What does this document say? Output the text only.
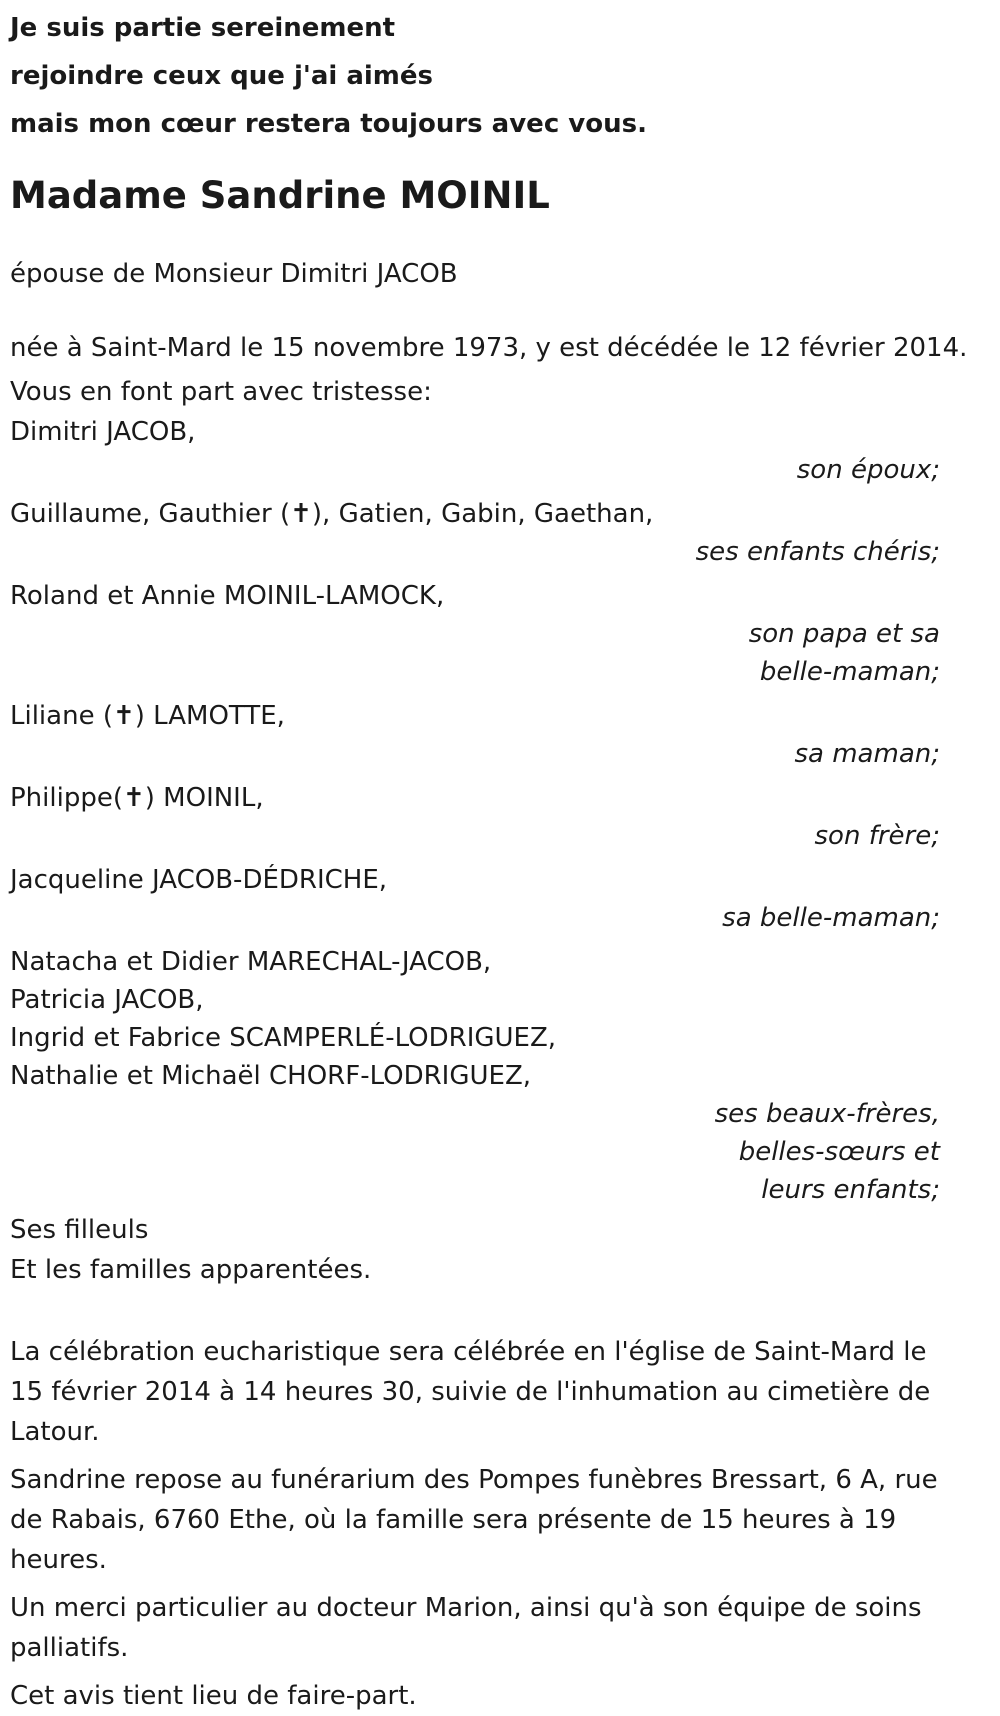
Je suis partie sereinement
rejoindre ceux que j'ai aimés
mais mon cœur restera toujours avec vous.
Madame Sandrine MOINIL
épouse de Monsieur Dimitri JACOB
née à Saint-Mard le 15 novembre 1973, y est décédée le 12 février 2014.
Vous en font part avec tristesse:
Dimitri JACOB,
son époux;
Guillaume, Gauthier (✝), Gatien, Gabin, Gaethan,
ses enfants chéris;
Roland et Annie MOINIL-LAMOCK,
son papa et sa
belle-maman;
Liliane (✝) LAMOTTE,
sa maman;
Philippe(✝) MOINIL,
son frère;
Jacqueline JACOB-DÉDRICHE,
sa belle-maman;
Natacha et Didier MARECHAL-JACOB,
Patricia JACOB,
Ingrid et Fabrice SCAMPERLÉ-LODRIGUEZ,
Nathalie et Michaël CHORF-LODRIGUEZ,
ses beaux-frères,
belles-sœurs et
leurs enfants;
Ses filleuls
Et les familles apparentées.
La célébration eucharistique sera célébrée en l'église de Saint-Mard le 15 février 2014 à 14 heures 30, suivie de l'inhumation au cimetière de Latour.
Sandrine repose au funérarium des Pompes funèbres Bressart, 6 A, rue de Rabais, 6760 Ethe, où la famille sera présente de 15 heures à 19 heures.
Un merci particulier au docteur Marion, ainsi qu'à son équipe de soins palliatifs.
Cet avis tient lieu de faire-part.
